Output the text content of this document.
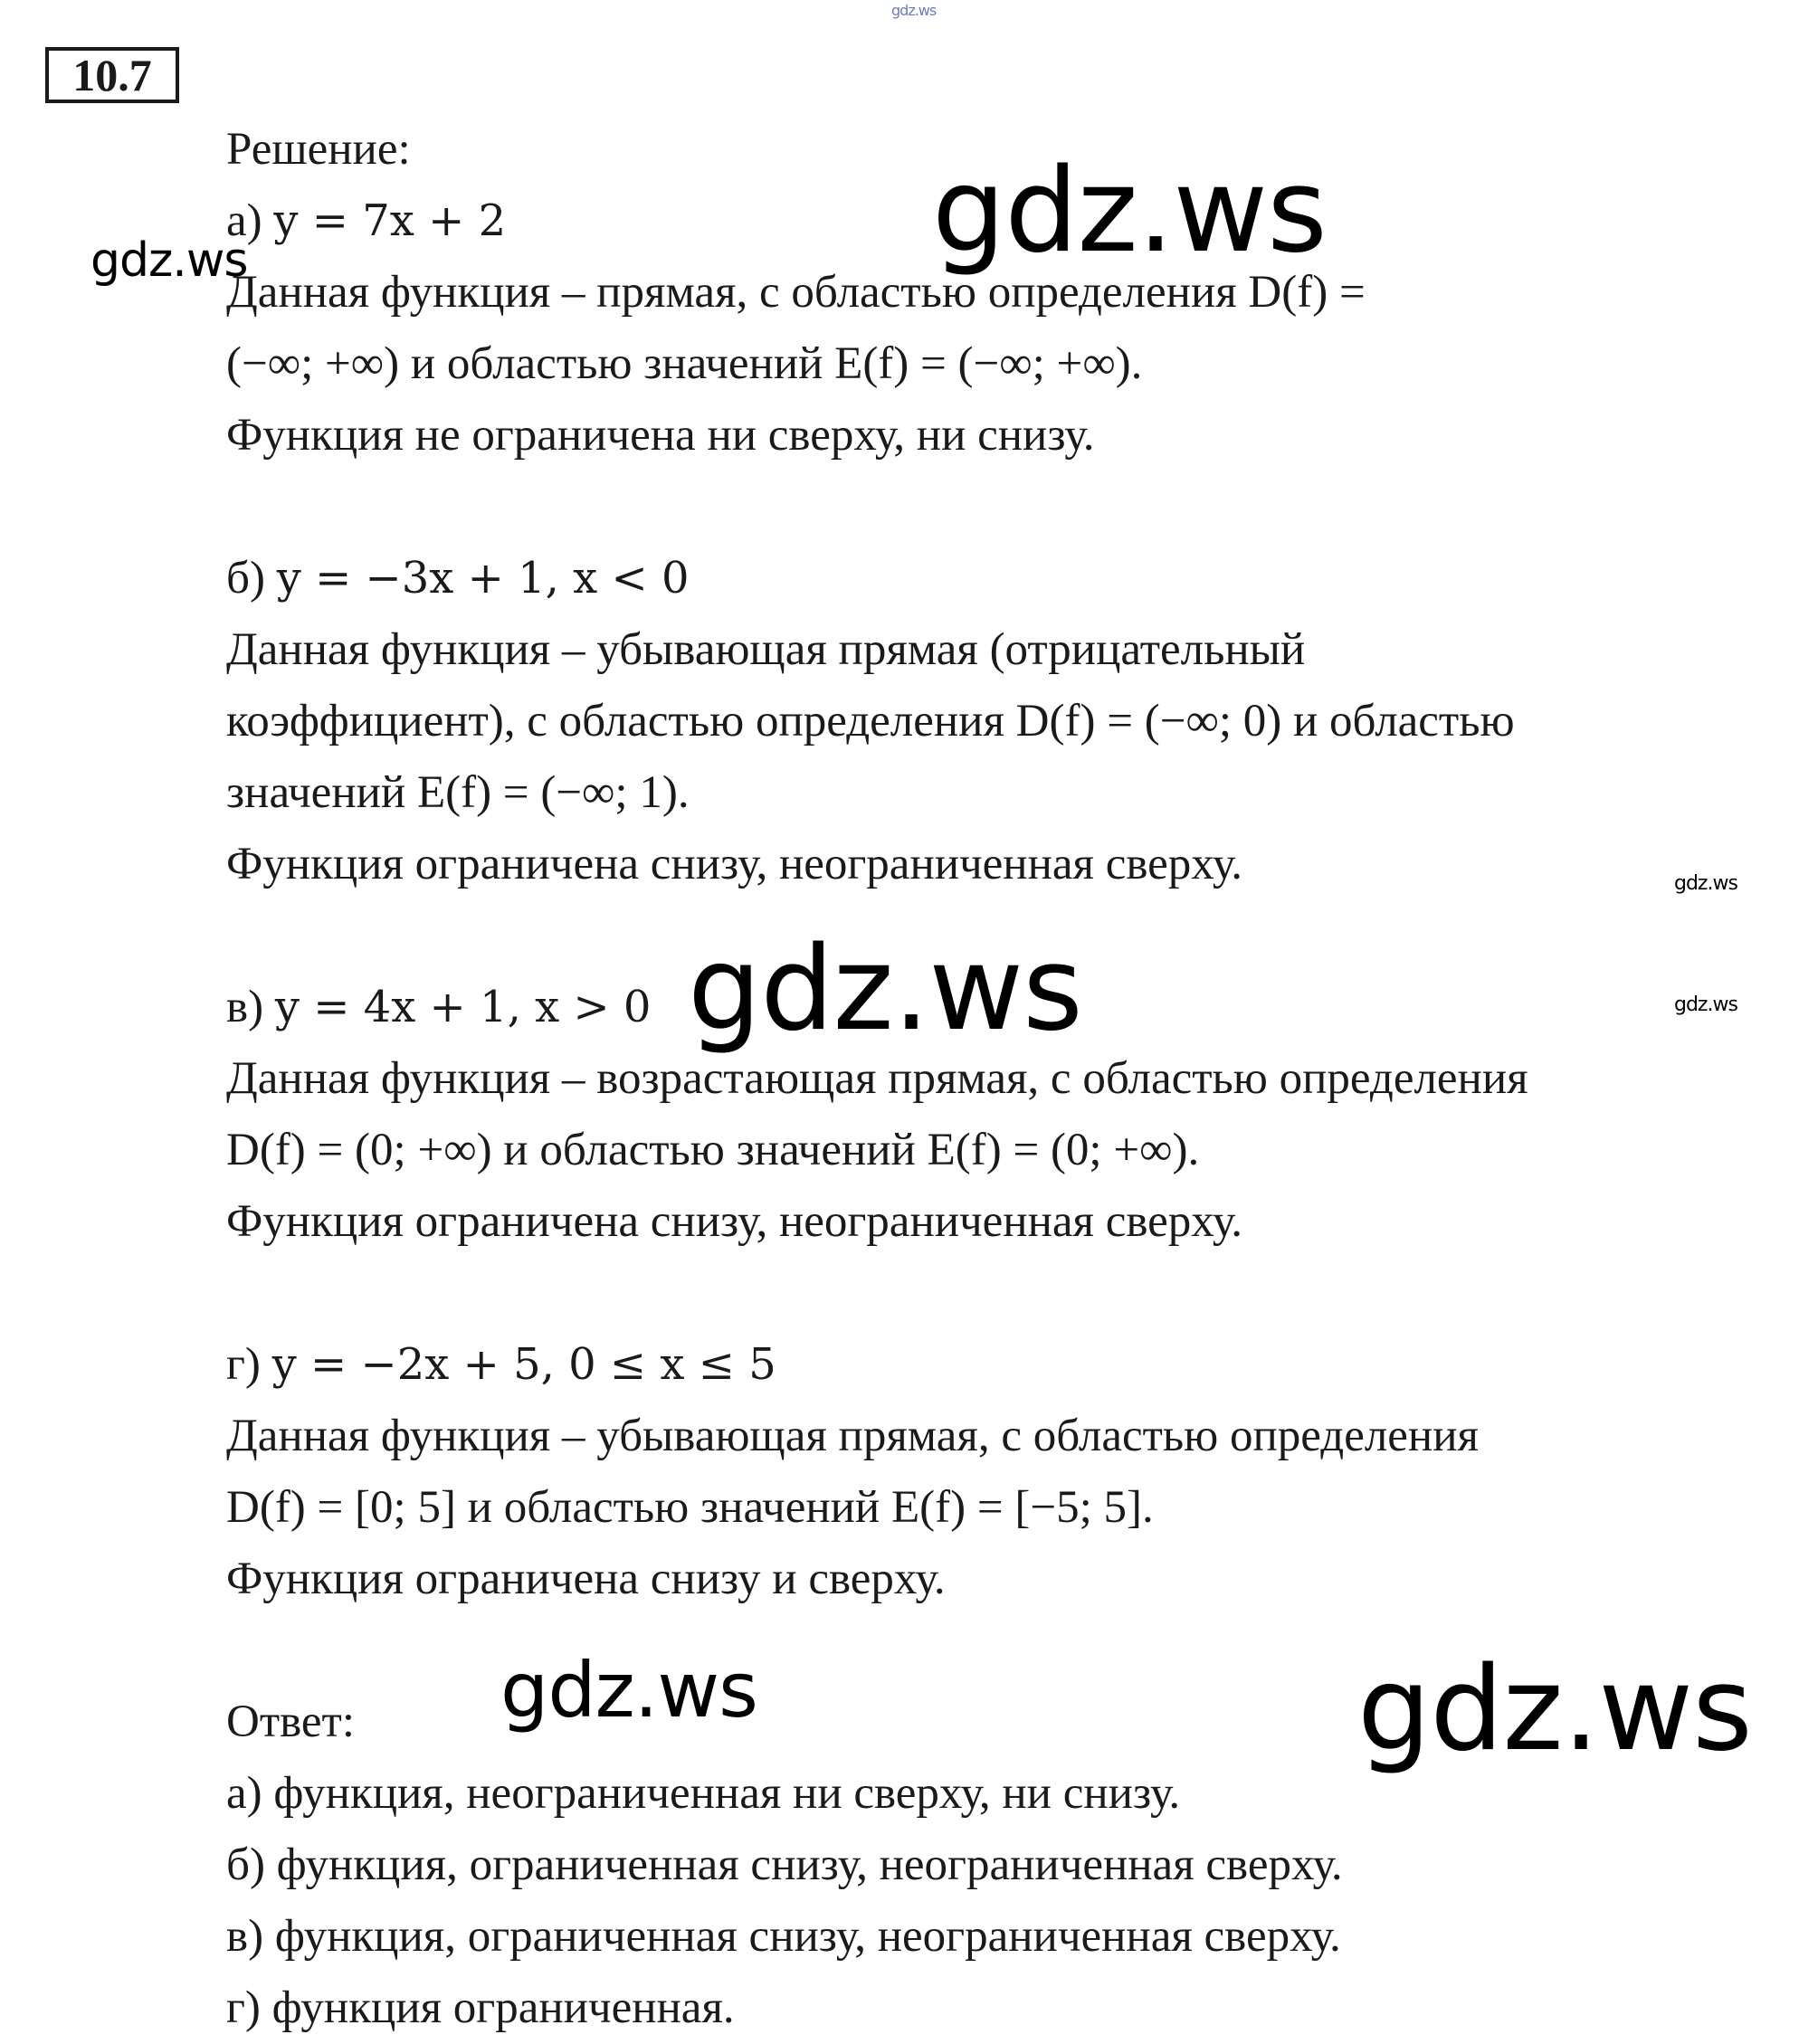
10.7
Решение:
а) y = 7x + 2
Данная функция – прямая, с областью определения D(f) =
(−∞; +∞) и областью значений E(f) = (−∞; +∞).
Функция не ограничена ни сверху, ни снизу.
б) y = −3x + 1, x < 0
Данная функция – убывающая прямая (отрицательный
коэффициент), с областью определения D(f) = (−∞; 0) и областью
значений E(f) = (−∞; 1).
Функция ограничена снизу, неограниченная сверху.
в) y = 4x + 1, x > 0
Данная функция – возрастающая прямая, с областью определения
D(f) = (0; +∞) и областью значений E(f) = (0; +∞).
Функция ограничена снизу, неограниченная сверху.
г) y = −2x + 5, 0 ≤ x ≤ 5
Данная функция – убывающая прямая, с областью определения
D(f) = [0; 5] и областью значений E(f) = [−5; 5].
Функция ограничена снизу и сверху.
Ответ:
а) функция, неограниченная ни сверху, ни снизу.
б) функция, ограниченная снизу, неограниченная сверху.
в) функция, ограниченная снизу, неограниченная сверху.
г) функция ограниченная.
gdz.ws
gdz.ws
gdz.ws
gdz.ws
gdz.ws
gdz.ws
gdz.ws	gdz.ws
